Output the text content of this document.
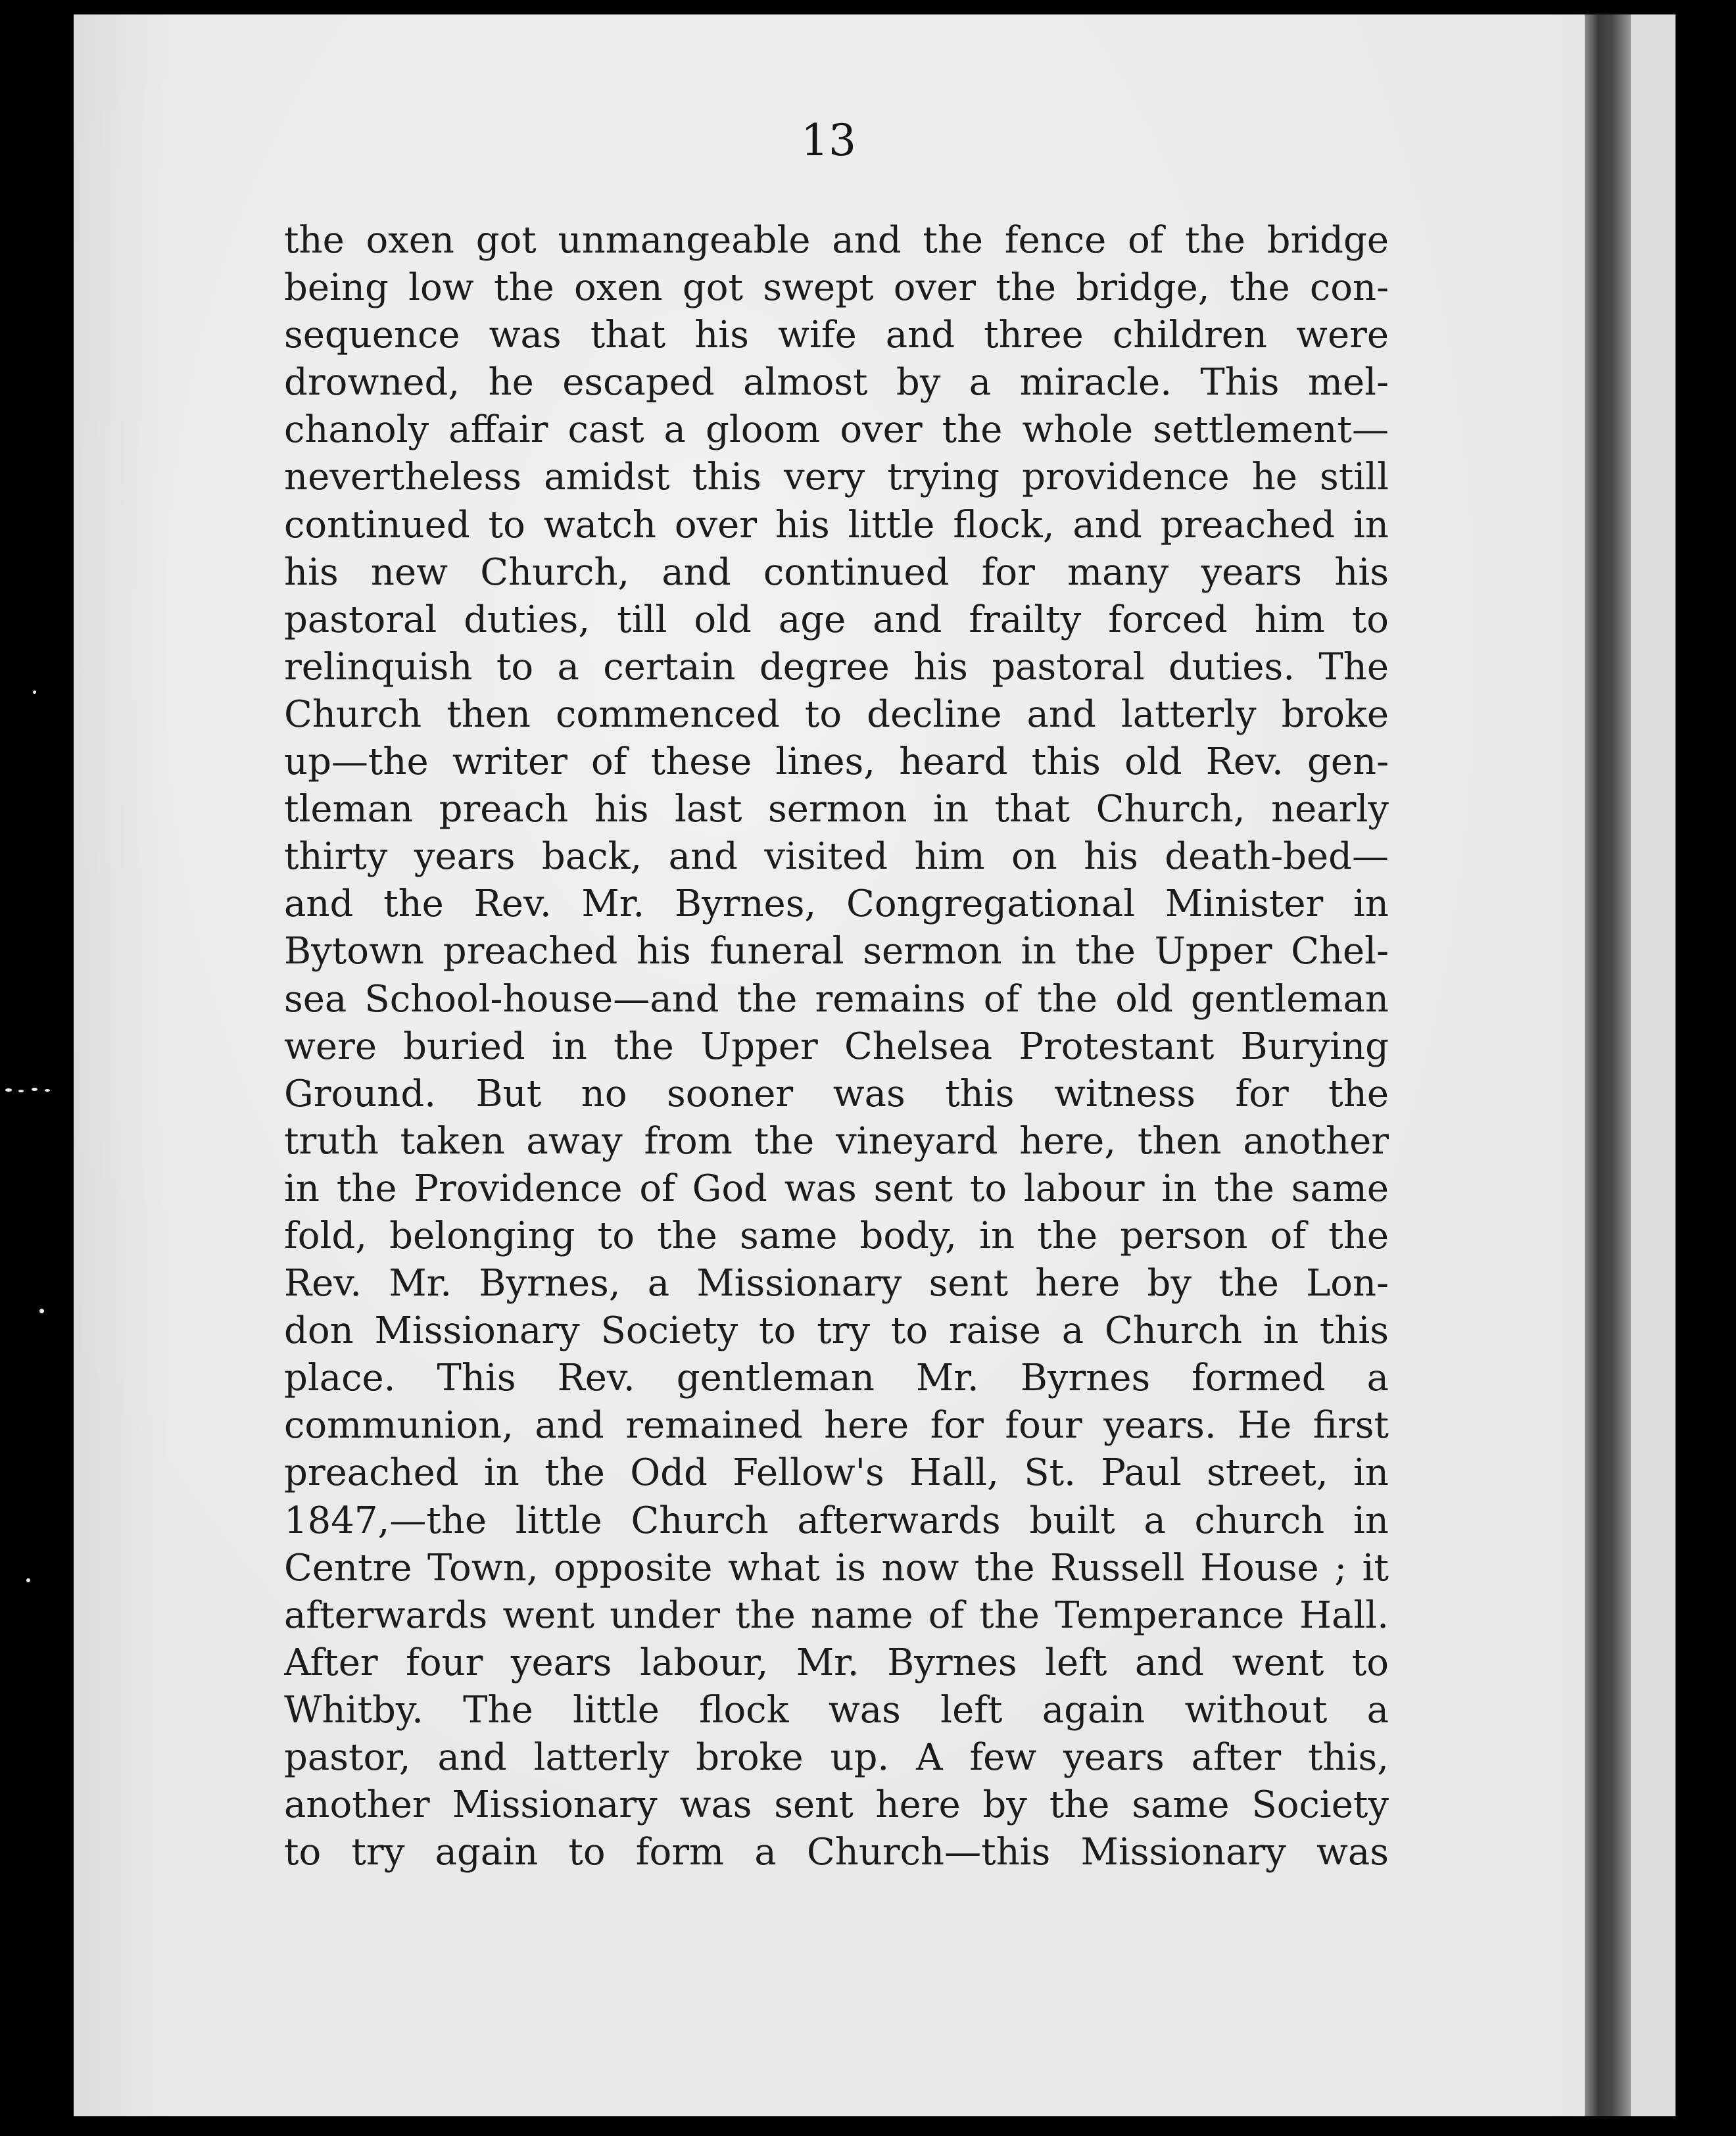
13
the oxen got unmangeable and the fence of the bridge
being low the oxen got swept over the bridge, the con-
sequence was that his wife and three children were
drowned, he escaped almost by a miracle. This mel-
chanoly affair cast a gloom over the whole settlement—
nevertheless amidst this very trying providence he still
continued to watch over his little flock, and preached in
his new Church, and continued for many years his
pastoral duties, till old age and frailty forced him to
relinquish to a certain degree his pastoral duties. The
Church then commenced to decline and latterly broke
up—the writer of these lines, heard this old Rev. gen-
tleman preach his last sermon in that Church, nearly
thirty years back, and visited him on his death-bed—
and the Rev. Mr. Byrnes, Congregational Minister in
Bytown preached his funeral sermon in the Upper Chel-
sea School-house—and the remains of the old gentleman
were buried in the Upper Chelsea Protestant Burying
Ground. But no sooner was this witness for the
truth taken away from the vineyard here, then another
in the Providence of God was sent to labour in the same
fold, belonging to the same body, in the person of the
Rev. Mr. Byrnes, a Missionary sent here by the Lon-
don Missionary Society to try to raise a Church in this
place. This Rev. gentleman Mr. Byrnes formed a
communion, and remained here for four years. He first
preached in the Odd Fellow's Hall, St. Paul street, in
1847,—the little Church afterwards built a church in
Centre Town, opposite what is now the Russell House ; it
afterwards went under the name of the Temperance Hall.
After four years labour, Mr. Byrnes left and went to
Whitby. The little flock was left again without a
pastor, and latterly broke up. A few years after this,
another Missionary was sent here by the same Society
to try again to form a Church—this Missionary was
